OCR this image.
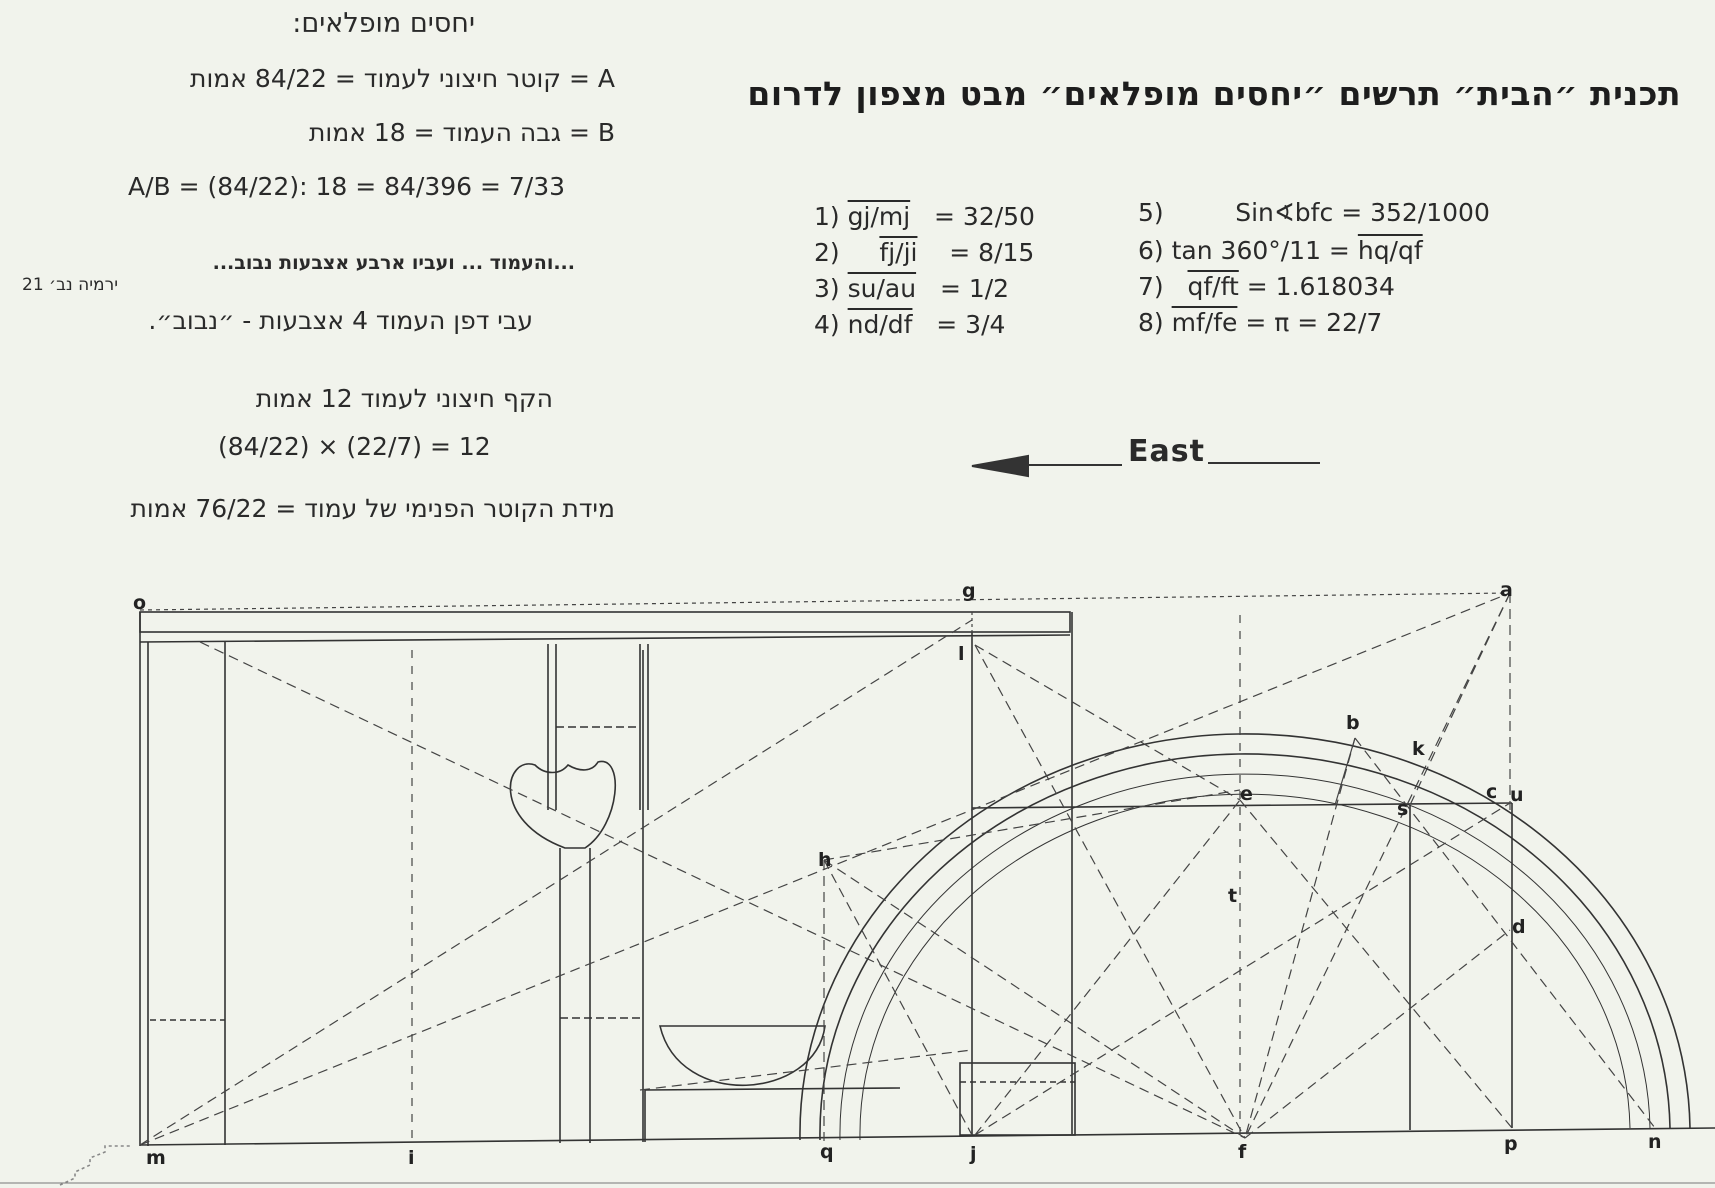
תכנית ״הבית״ תרשים ״יחסים מופלאים״ מבט מצפון לדרום
יחסים מופלאים:
A = קוטר חיצוני לעמוד = 84/22 אמות
B = גבה העמוד = 18 אמות
A/B = (84/22): 18 = 84/396 = 7/33
...והעמוד ... ועביו ארבע אצבעות נבוב...
ירמיה נב׳ 21
עבי דפן העמוד 4 אצבעות - ״נבוב״.
הקף חיצוני לעמוד 12 אמות
(84/22) × (22/7) = 12
מידת הקוטר הפנימי של עמוד = 76/22 אמות
1) gj/mj = 32/50
2) fj/ji = 8/15
3) su/au = 1/2
4) nd/df = 3/4
5)	Sin∢bfc = 352/1000
6) tan 360°/11 = hq/qf
7) qf/ft = 1.618034
8) mf/fe = π = 22/7
East
o
g	a
l
b
k
e	c u
s
h
t
d
m	i	q	j	f	p	n
